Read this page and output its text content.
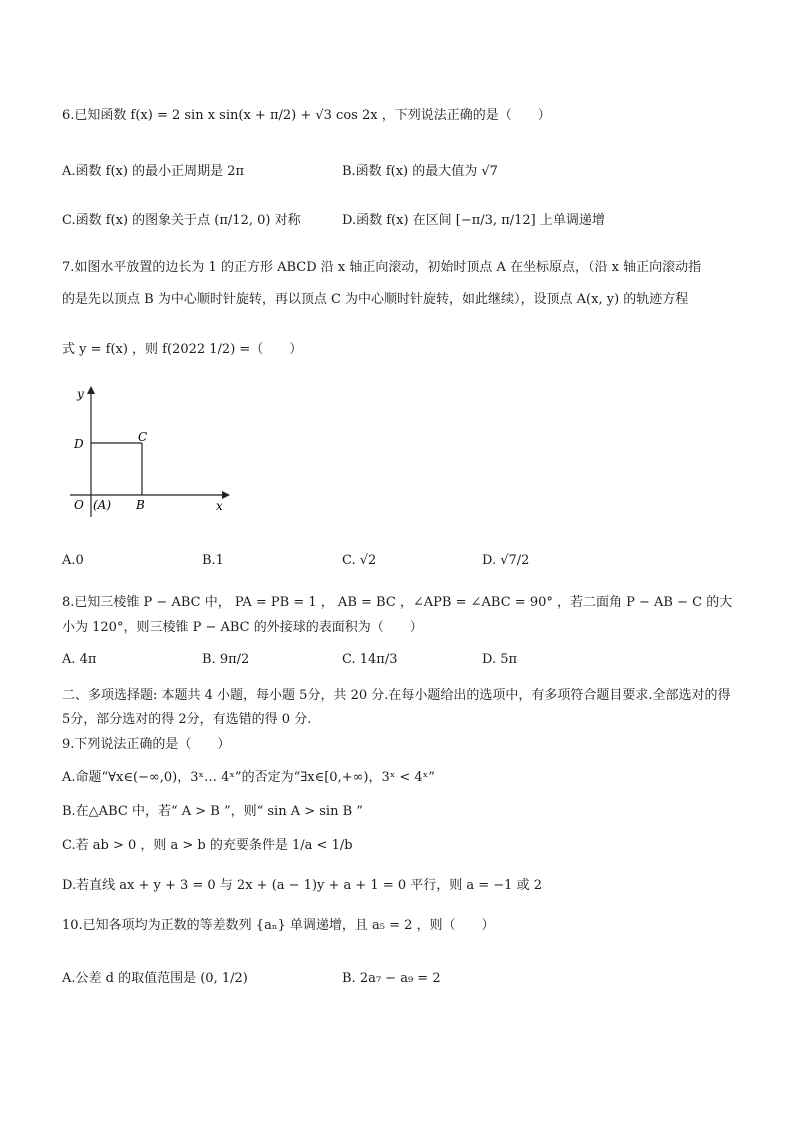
6.已知函数 f(x) = 2 sin x sin(x + π/2) + √3 cos 2x ，下列说法正确的是（　　）
A.函数 f(x) 的最小正周期是 2π	B.函数 f(x) 的最大值为 √7
C.函数 f(x) 的图象关于点 (π/12, 0) 对称	D.函数 f(x) 在区间 [−π/3, π/12] 上单调递增
7.如图水平放置的边长为 1 的正方形 ABCD 沿 x 轴正向滚动，初始时顶点 A 在坐标原点，（沿 x 轴正向滚动指
的是先以顶点 B 为中心顺时针旋转，再以顶点 C 为中心顺时针旋转，如此继续），设顶点 A(x, y) 的轨迹方程
式 y = f(x) ，则 f(2022 1/2) =（　　）
y
x
D	C
O (A) B
A.0	B.1	C. √2	D. √7/2
8.已知三棱锥 P − ABC 中， PA = PB = 1 ， AB = BC ，∠APB = ∠ABC = 90° ，若二面角 P − AB − C 的大
小为 120°，则三棱锥 P − ABC 的外接球的表面积为（　　）
A. 4π	B. 9π/2	C. 14π/3	D. 5π
二、多项选择题: 本题共 4 小题，每小题 5分，共 20 分.在每小题给出的选项中，有多项符合题目要求.全部选对的得 5分，部分选对的得 2分，有选错的得 0 分.
9.下列说法正确的是（　　）
A.命题“∀x∈(−∞,0)，3ˣ… 4ˣ”的否定为“∃x∈[0,+∞)，3ˣ < 4ˣ”
B.在△ABC 中，若“ A > B ”，则“ sin A > sin B ”
C.若 ab > 0 ，则 a > b 的充要条件是 1/a < 1/b
D.若直线 ax + y + 3 = 0 与 2x + (a − 1)y + a + 1 = 0 平行，则 a = −1 或 2
10.已知各项均为正数的等差数列 {aₙ} 单调递增，且 a₅ = 2 ，则（　　）
A.公差 d 的取值范围是 (0, 1/2)	B. 2a₇ − a₉ = 2
